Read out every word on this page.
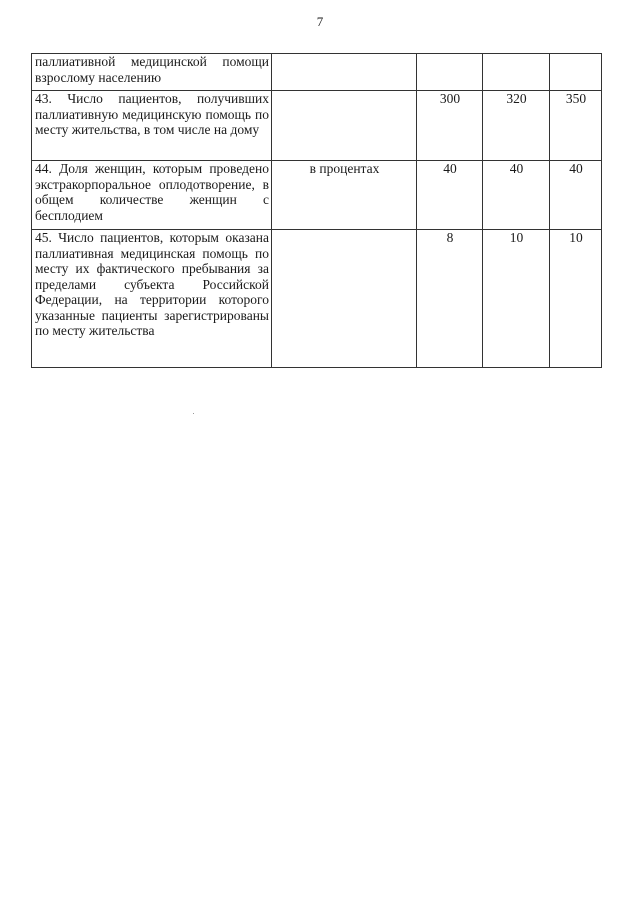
7
паллиативной медицинской помощи взрослому населению				
43. Число пациентов, получивших паллиативную медицинскую помощь по месту жительства, в том числе на дому		300	320	350
44. Доля женщин, которым проведено экстракорпоральное оплодотворение, в общем количестве женщин с бесплодием	в процентах	40	40	40
45. Число пациентов, которым оказана паллиативная медицинская помощь по месту их фактического пребывания за пределами субъекта Российской Федерации, на территории которого указанные пациенты зарегистрированы по месту жительства		8	10	10
